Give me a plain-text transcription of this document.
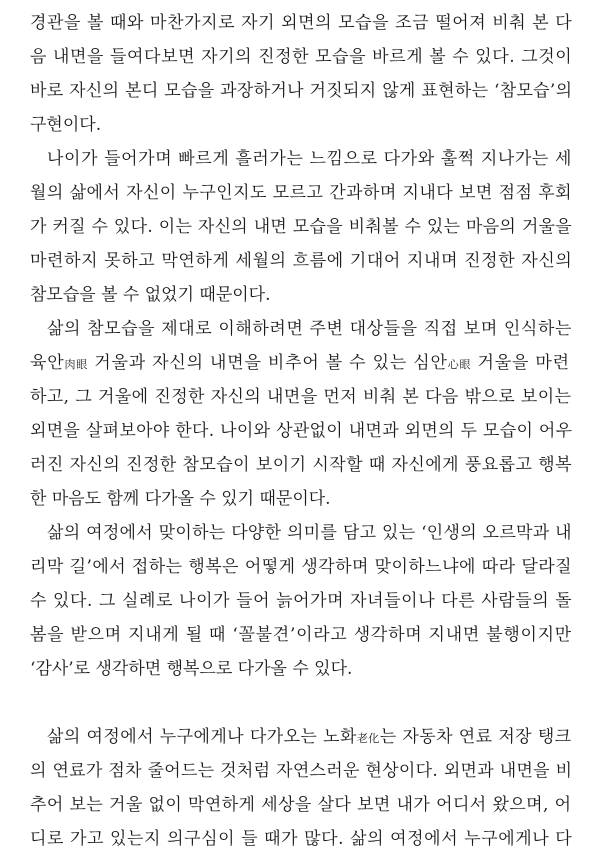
경관을 볼 때와 마찬가지로 자기 외면의 모습을 조금 떨어져 비춰 본 다
음 내면을 들여다보면 자기의 진정한 모습을 바르게 볼 수 있다. 그것이
바로 자신의 본디 모습을 과장하거나 거짓되지 않게 표현하는 ‘참모습’의
구현이다.
나이가 들어가며 빠르게 흘러가는 느낌으로 다가와 훌쩍 지나가는 세
월의 삶에서 자신이 누구인지도 모르고 간과하며 지내다 보면 점점 후회
가 커질 수 있다. 이는 자신의 내면 모습을 비춰볼 수 있는 마음의 거울을
마련하지 못하고 막연하게 세월의 흐름에 기대어 지내며 진정한 자신의
참모습을 볼 수 없었기 때문이다.
삶의 참모습을 제대로 이해하려면 주변 대상들을 직접 보며 인식하는
육안肉眼 거울과 자신의 내면을 비추어 볼 수 있는 심안心眼 거울을 마련
하고, 그 거울에 진정한 자신의 내면을 먼저 비춰 본 다음 밖으로 보이는
외면을 살펴보아야 한다. 나이와 상관없이 내면과 외면의 두 모습이 어우
러진 자신의 진정한 참모습이 보이기 시작할 때 자신에게 풍요롭고 행복
한 마음도 함께 다가올 수 있기 때문이다.
삶의 여정에서 맞이하는 다양한 의미를 담고 있는 ‘인생의 오르막과 내
리막 길’에서 접하는 행복은 어떻게 생각하며 맞이하느냐에 따라 달라질
수 있다. 그 실례로 나이가 들어 늙어가며 자녀들이나 다른 사람들의 돌
봄을 받으며 지내게 될 때 ‘꼴불견’이라고 생각하며 지내면 불행이지만
‘감사’로 생각하면 행복으로 다가올 수 있다.
삶의 여정에서 누구에게나 다가오는 노화老化는 자동차 연료 저장 탱크
의 연료가 점차 줄어드는 것처럼 자연스러운 현상이다. 외면과 내면을 비
추어 보는 거울 없이 막연하게 세상을 살다 보면 내가 어디서 왔으며, 어
디로 가고 있는지 의구심이 들 때가 많다. 삶의 여정에서 누구에게나 다
